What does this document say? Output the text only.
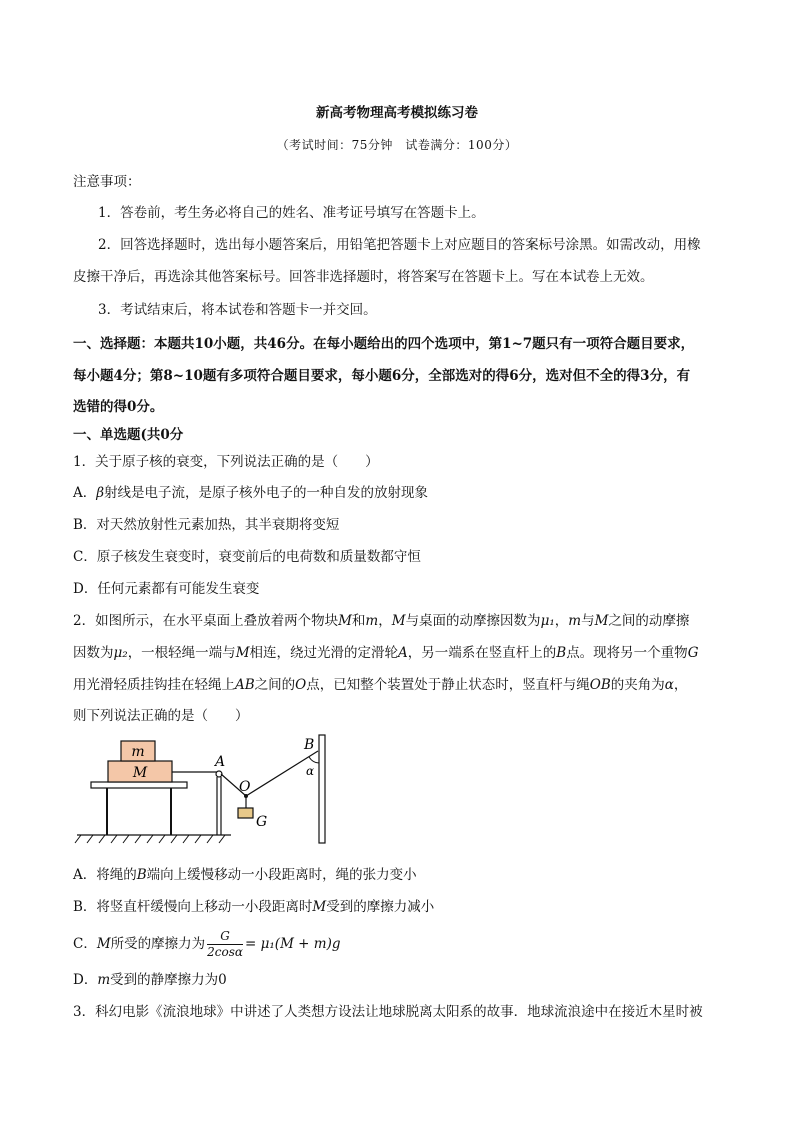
新高考物理高考模拟练习卷
（考试时间：75分钟　试卷满分：100分）
注意事项：
1．答卷前，考生务必将自己的姓名、准考证号填写在答题卡上。
2．回答选择题时，选出每小题答案后，用铅笔把答题卡上对应题目的答案标号涂黑。如需改动，用橡
皮擦干净后，再选涂其他答案标号。回答非选择题时，将答案写在答题卡上。写在本试卷上无效。
3．考试结束后，将本试卷和答题卡一并交回。
一、选择题：本题共10小题，共46分。在每小题给出的四个选项中，第1~7题只有一项符合题目要求，
每小题4分；第8~10题有多项符合题目要求，每小题6分，全部选对的得6分，选对但不全的得3分，有
选错的得0分。
一、单选题(共0分
1．关于原子核的衰变，下列说法正确的是（　　）
A．β射线是电子流，是原子核外电子的一种自发的放射现象
B．对天然放射性元素加热，其半衰期将变短
C．原子核发生衰变时，衰变前后的电荷数和质量数都守恒
D．任何元素都有可能发生衰变
2．如图所示，在水平桌面上叠放着两个物块M和m，M与桌面的动摩擦因数为μ₁，m与M之间的动摩擦
因数为μ₂，一根轻绳一端与M相连，绕过光滑的定滑轮A，另一端系在竖直杆上的B点。现将另一个重物G
用光滑轻质挂钩挂在轻绳上AB之间的O点，已知整个装置处于静止状态时，竖直杆与绳OB的夹角为α，
则下列说法正确的是（　　）
m
M
A
O
G
B
α
A．将绳的B端向上缓慢移动一小段距离时，绳的张力变小
B．将竖直杆缓慢向上移动一小段距离时M受到的摩擦力减小
C．M所受的摩擦力为 $\frac{G}{2\cos\alpha} = \mu_1(M + m)g$
D．m受到的静摩擦力为0
3．科幻电影《流浪地球》中讲述了人类想方设法让地球脱离太阳系的故事．地球流浪途中在接近木星时被
